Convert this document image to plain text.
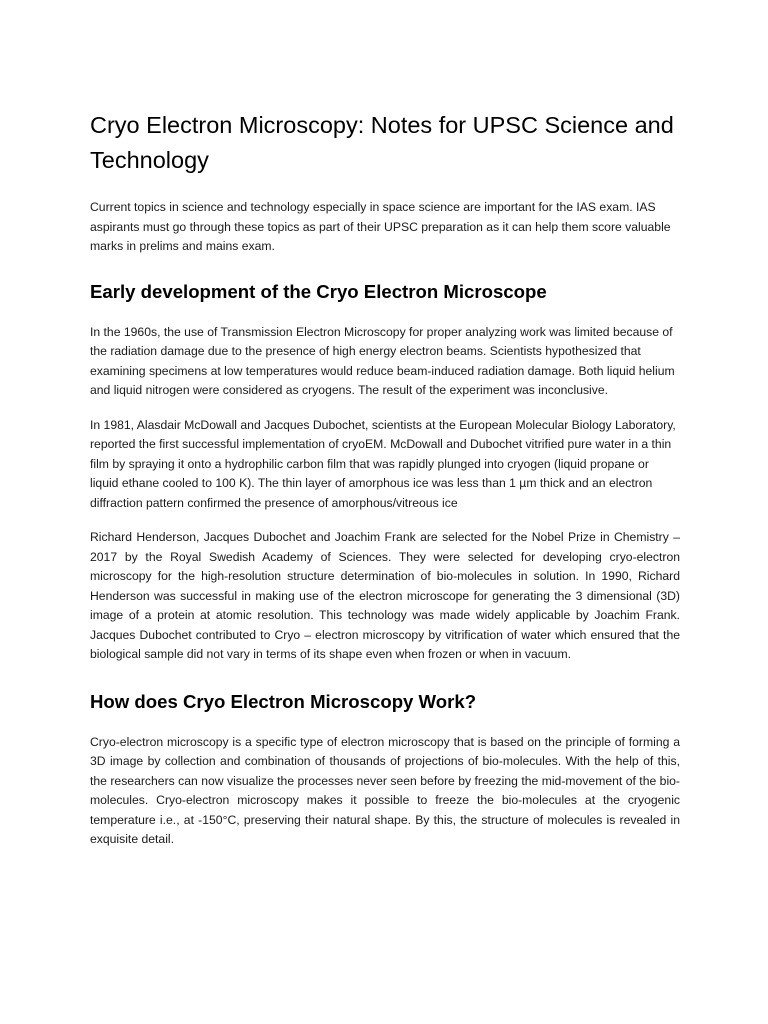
Cryo Electron Microscopy: Notes for UPSC Science and Technology

Current topics in science and technology especially in space science are important for the IAS exam. IAS aspirants must go through these topics as part of their UPSC preparation as it can help them score valuable marks in prelims and mains exam.

Early development of the Cryo Electron Microscope

In the 1960s, the use of Transmission Electron Microscopy for proper analyzing work was limited because of the radiation damage due to the presence of high energy electron beams. Scientists hypothesized that examining specimens at low temperatures would reduce beam-induced radiation damage. Both liquid helium and liquid nitrogen were considered as cryogens. The result of the experiment was inconclusive.

In 1981, Alasdair McDowall and Jacques Dubochet, scientists at the European Molecular Biology Laboratory, reported the first successful implementation of cryoEM. McDowall and Dubochet vitrified pure water in a thin film by spraying it onto a hydrophilic carbon film that was rapidly plunged into cryogen (liquid propane or liquid ethane cooled to 100 K). The thin layer of amorphous ice was less than 1 µm thick and an electron diffraction pattern confirmed the presence of amorphous/vitreous ice

Richard Henderson, Jacques Dubochet and Joachim Frank are selected for the Nobel Prize in Chemistry – 2017 by the Royal Swedish Academy of Sciences. They were selected for developing cryo-electron microscopy for the high-resolution structure determination of bio-molecules in solution. In 1990, Richard Henderson was successful in making use of the electron microscope for generating the 3 dimensional (3D) image of a protein at atomic resolution. This technology was made widely applicable by Joachim Frank. Jacques Dubochet contributed to Cryo – electron microscopy by vitrification of water which ensured that the biological sample did not vary in terms of its shape even when frozen or when in vacuum.

How does Cryo Electron Microscopy Work?

Cryo-electron microscopy is a specific type of electron microscopy that is based on the principle of forming a 3D image by collection and combination of thousands of projections of bio-molecules. With the help of this, the researchers can now visualize the processes never seen before by freezing the mid-movement of the bio-molecules. Cryo-electron microscopy makes it possible to freeze the bio-molecules at the cryogenic temperature i.e., at -150°C, preserving their natural shape. By this, the structure of molecules is revealed in exquisite detail.
